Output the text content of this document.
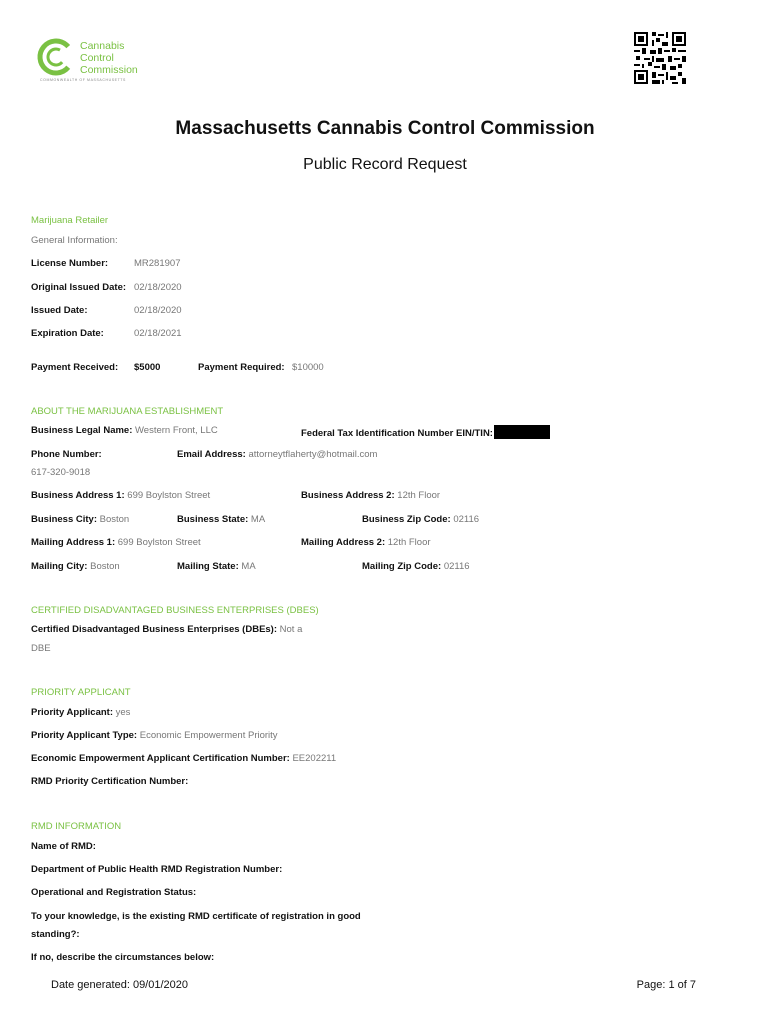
Cannabis
Control
Commission
COMMONWEALTH OF MASSACHUSETTS
Massachusetts Cannabis Control Commission
Public Record Request
Marijuana Retailer
General Information:
License Number:	MR281907
Original Issued Date: 02/18/2020
Issued Date:	02/18/2020
Expiration Date:	02/18/2021
Payment Received: $5000	Payment Required: $10000
ABOUT THE MARIJUANA ESTABLISHMENT
Business Legal Name: Western Front, LLC	Federal Tax Identification Number EIN/TIN:
Phone Number:	Email Address: attorneytflaherty@hotmail.com
617-320-9018
Business Address 1: 699 Boylston Street	Business Address 2: 12th Floor
Business City: Boston	Business State: MA	Business Zip Code: 02116
Mailing Address 1: 699 Boylston Street	Mailing Address 2: 12th Floor
Mailing City: Boston	Mailing State: MA	Mailing Zip Code: 02116
CERTIFIED DISADVANTAGED BUSINESS ENTERPRISES (DBES)
Certified Disadvantaged Business Enterprises (DBEs): Not a
DBE
PRIORITY APPLICANT
Priority Applicant: yes
Priority Applicant Type: Economic Empowerment Priority
Economic Empowerment Applicant Certification Number: EE202211
RMD Priority Certification Number:
RMD INFORMATION
Name of RMD:
Department of Public Health RMD Registration Number:
Operational and Registration Status:
To your knowledge, is the existing RMD certificate of registration in good
standing?:
If no, describe the circumstances below:
Date generated: 09/01/2020	Page: 1 of 7
